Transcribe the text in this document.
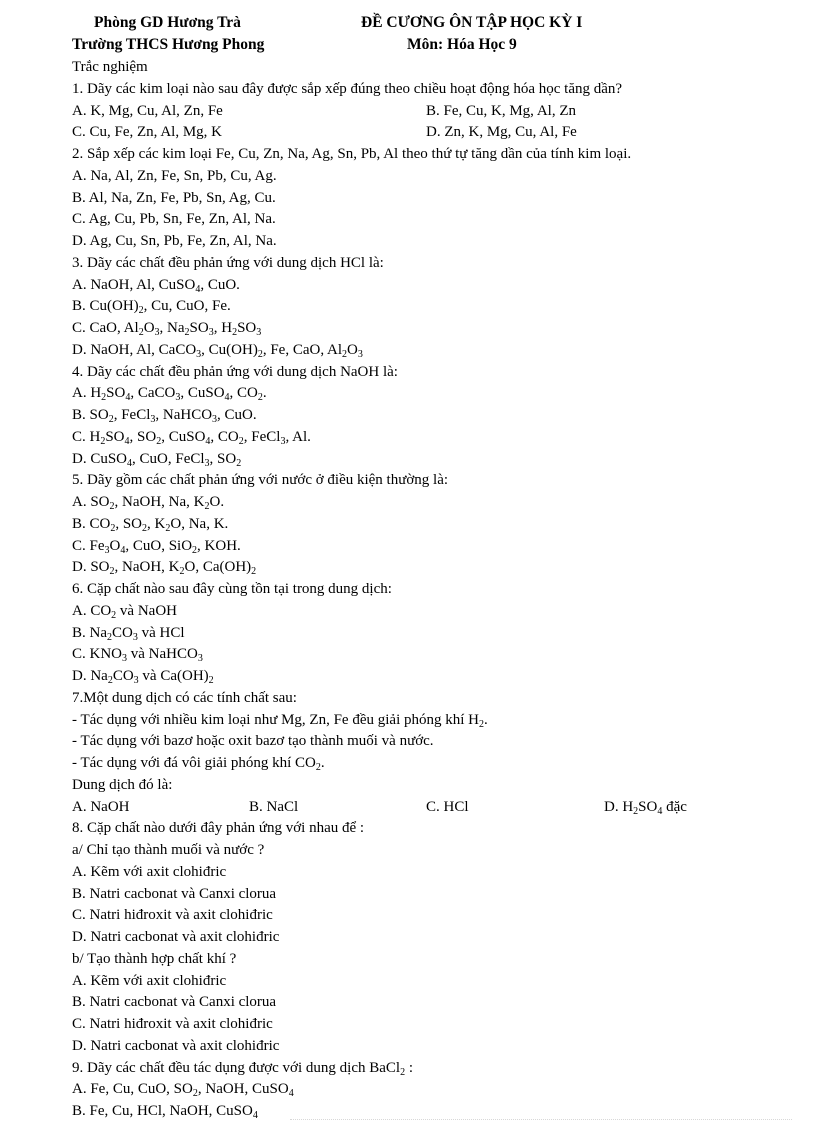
Phòng GD Hương Trà
Trường THCS Hương Phong
ĐỀ CƯƠNG ÔN TẬP HỌC KỲ I
Môn: Hóa Học 9
Trắc nghiệm
1. Dãy các kim loại nào sau đây được sắp xếp đúng theo chiều hoạt động hóa học tăng dần?
A. K, Mg, Cu, Al, Zn, Fe	B. Fe, Cu, K, Mg, Al, Zn
C. Cu, Fe, Zn, Al, Mg, K	D. Zn, K, Mg, Cu, Al, Fe
2. Sắp xếp các kim loại Fe, Cu, Zn, Na, Ag, Sn, Pb, Al theo thứ tự tăng dần của tính kim loại.
A. Na, Al, Zn, Fe, Sn, Pb, Cu, Ag.
B. Al, Na, Zn, Fe, Pb, Sn, Ag, Cu.
C. Ag, Cu, Pb, Sn, Fe, Zn, Al, Na.
D. Ag, Cu, Sn, Pb, Fe, Zn, Al, Na.
3. Dãy các chất đều phản ứng với dung dịch HCl là:
A. NaOH, Al, CuSO$_4$, CuO.
B. $Cu(OH)_2$, Cu, CuO, Fe.
C. CaO, $Al_2O_3$, $Na_2SO_3$, $H_2SO_3$
D. NaOH, Al, CaCO$_3$, $Cu(OH)_2$, Fe, CaO, $Al_2O_3$
4. Dãy các chất đều phản ứng với dung dịch NaOH là:
A. $H_2SO_4$, CaCO$_3$, CuSO$_4$, $CO_2$.
B. $SO_2$, FeCl$_3$, NaHCO$_3$, CuO.
C. $H_2SO_4$, $SO_2$, CuSO$_4$, $CO_2$, FeCl$_3$, Al.
D. CuSO$_4$, CuO, FeCl$_3$, $SO_2$
5. Dãy gồm các chất phản ứng với nước ở điều kiện thường là:
A. $SO_2$, NaOH, Na, $K_2O$.
B. $CO_2$, $SO_2$, $K_2O$, Na, K.
C. $Fe_3O_4$, CuO, SiO$_2$, KOH.
D. $SO_2$, NaOH, $K_2O$, $Ca(OH)_2$
6. Cặp chất nào sau đây cùng tồn tại trong dung dịch:
A. $CO_2$ và NaOH
B. $Na_2CO_3$ và HCl
C. $KNO_3$ và NaHCO$_3$
D. $Na_2CO_3$ và $Ca(OH)_2$
7.Một dung dịch có các tính chất sau:
- Tác dụng với nhiều kim loại như Mg, Zn, Fe đều giải phóng khí $H_2$.
- Tác dụng với bazơ hoặc oxit bazơ tạo thành muối và nước.
- Tác dụng với đá vôi giải phóng khí $CO_2$.
Dung dịch đó là:
A. NaOH	B. NaCl	C. HCl	D. $H_2SO_4$ đặc
8. Cặp chất nào dưới đây phản ứng với nhau để :
a/ Chỉ tạo thành muối và nước ?
A. Kẽm với axit clohiđric
B. Natri cacbonat và Canxi clorua
C. Natri hiđroxit và axit clohiđric
D. Natri cacbonat và axit clohiđric
b/ Tạo thành hợp chất khí ?
A. Kẽm với axit clohiđric
B. Natri cacbonat và Canxi clorua
C. Natri hiđroxit và axit clohiđric
D. Natri cacbonat và axit clohiđric
9. Dãy các chất đều tác dụng được với dung dịch BaCl$_2$ :
A. Fe, Cu, CuO, $SO_2$, NaOH, CuSO$_4$
B. Fe, Cu, HCl, NaOH, CuSO$_4$
